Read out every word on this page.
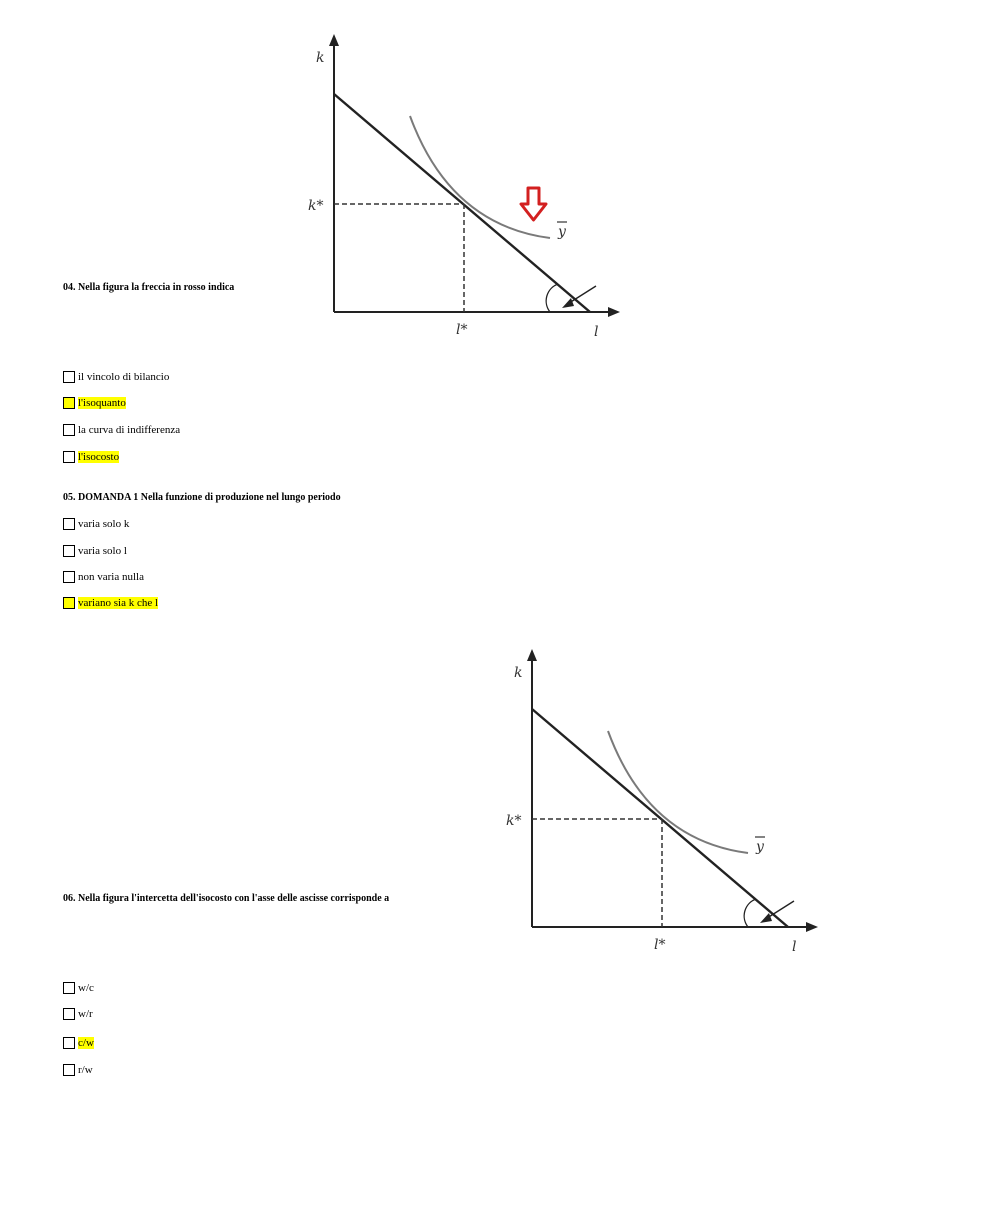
04. Nella figura la freccia in rosso indica
k
l
k*
l*
y
il vincolo di bilancio
l'isoquanto
la curva di indifferenza
l'isocosto
05. DOMANDA 1 Nella funzione di produzione nel lungo periodo
varia solo k
varia solo l
non varia nulla
variano sia k che l
06. Nella figura l'intercetta dell'isocosto con l'asse delle ascisse corrisponde a
k
l
k*
l*
y
w/c
w/r
c/w
r/w
